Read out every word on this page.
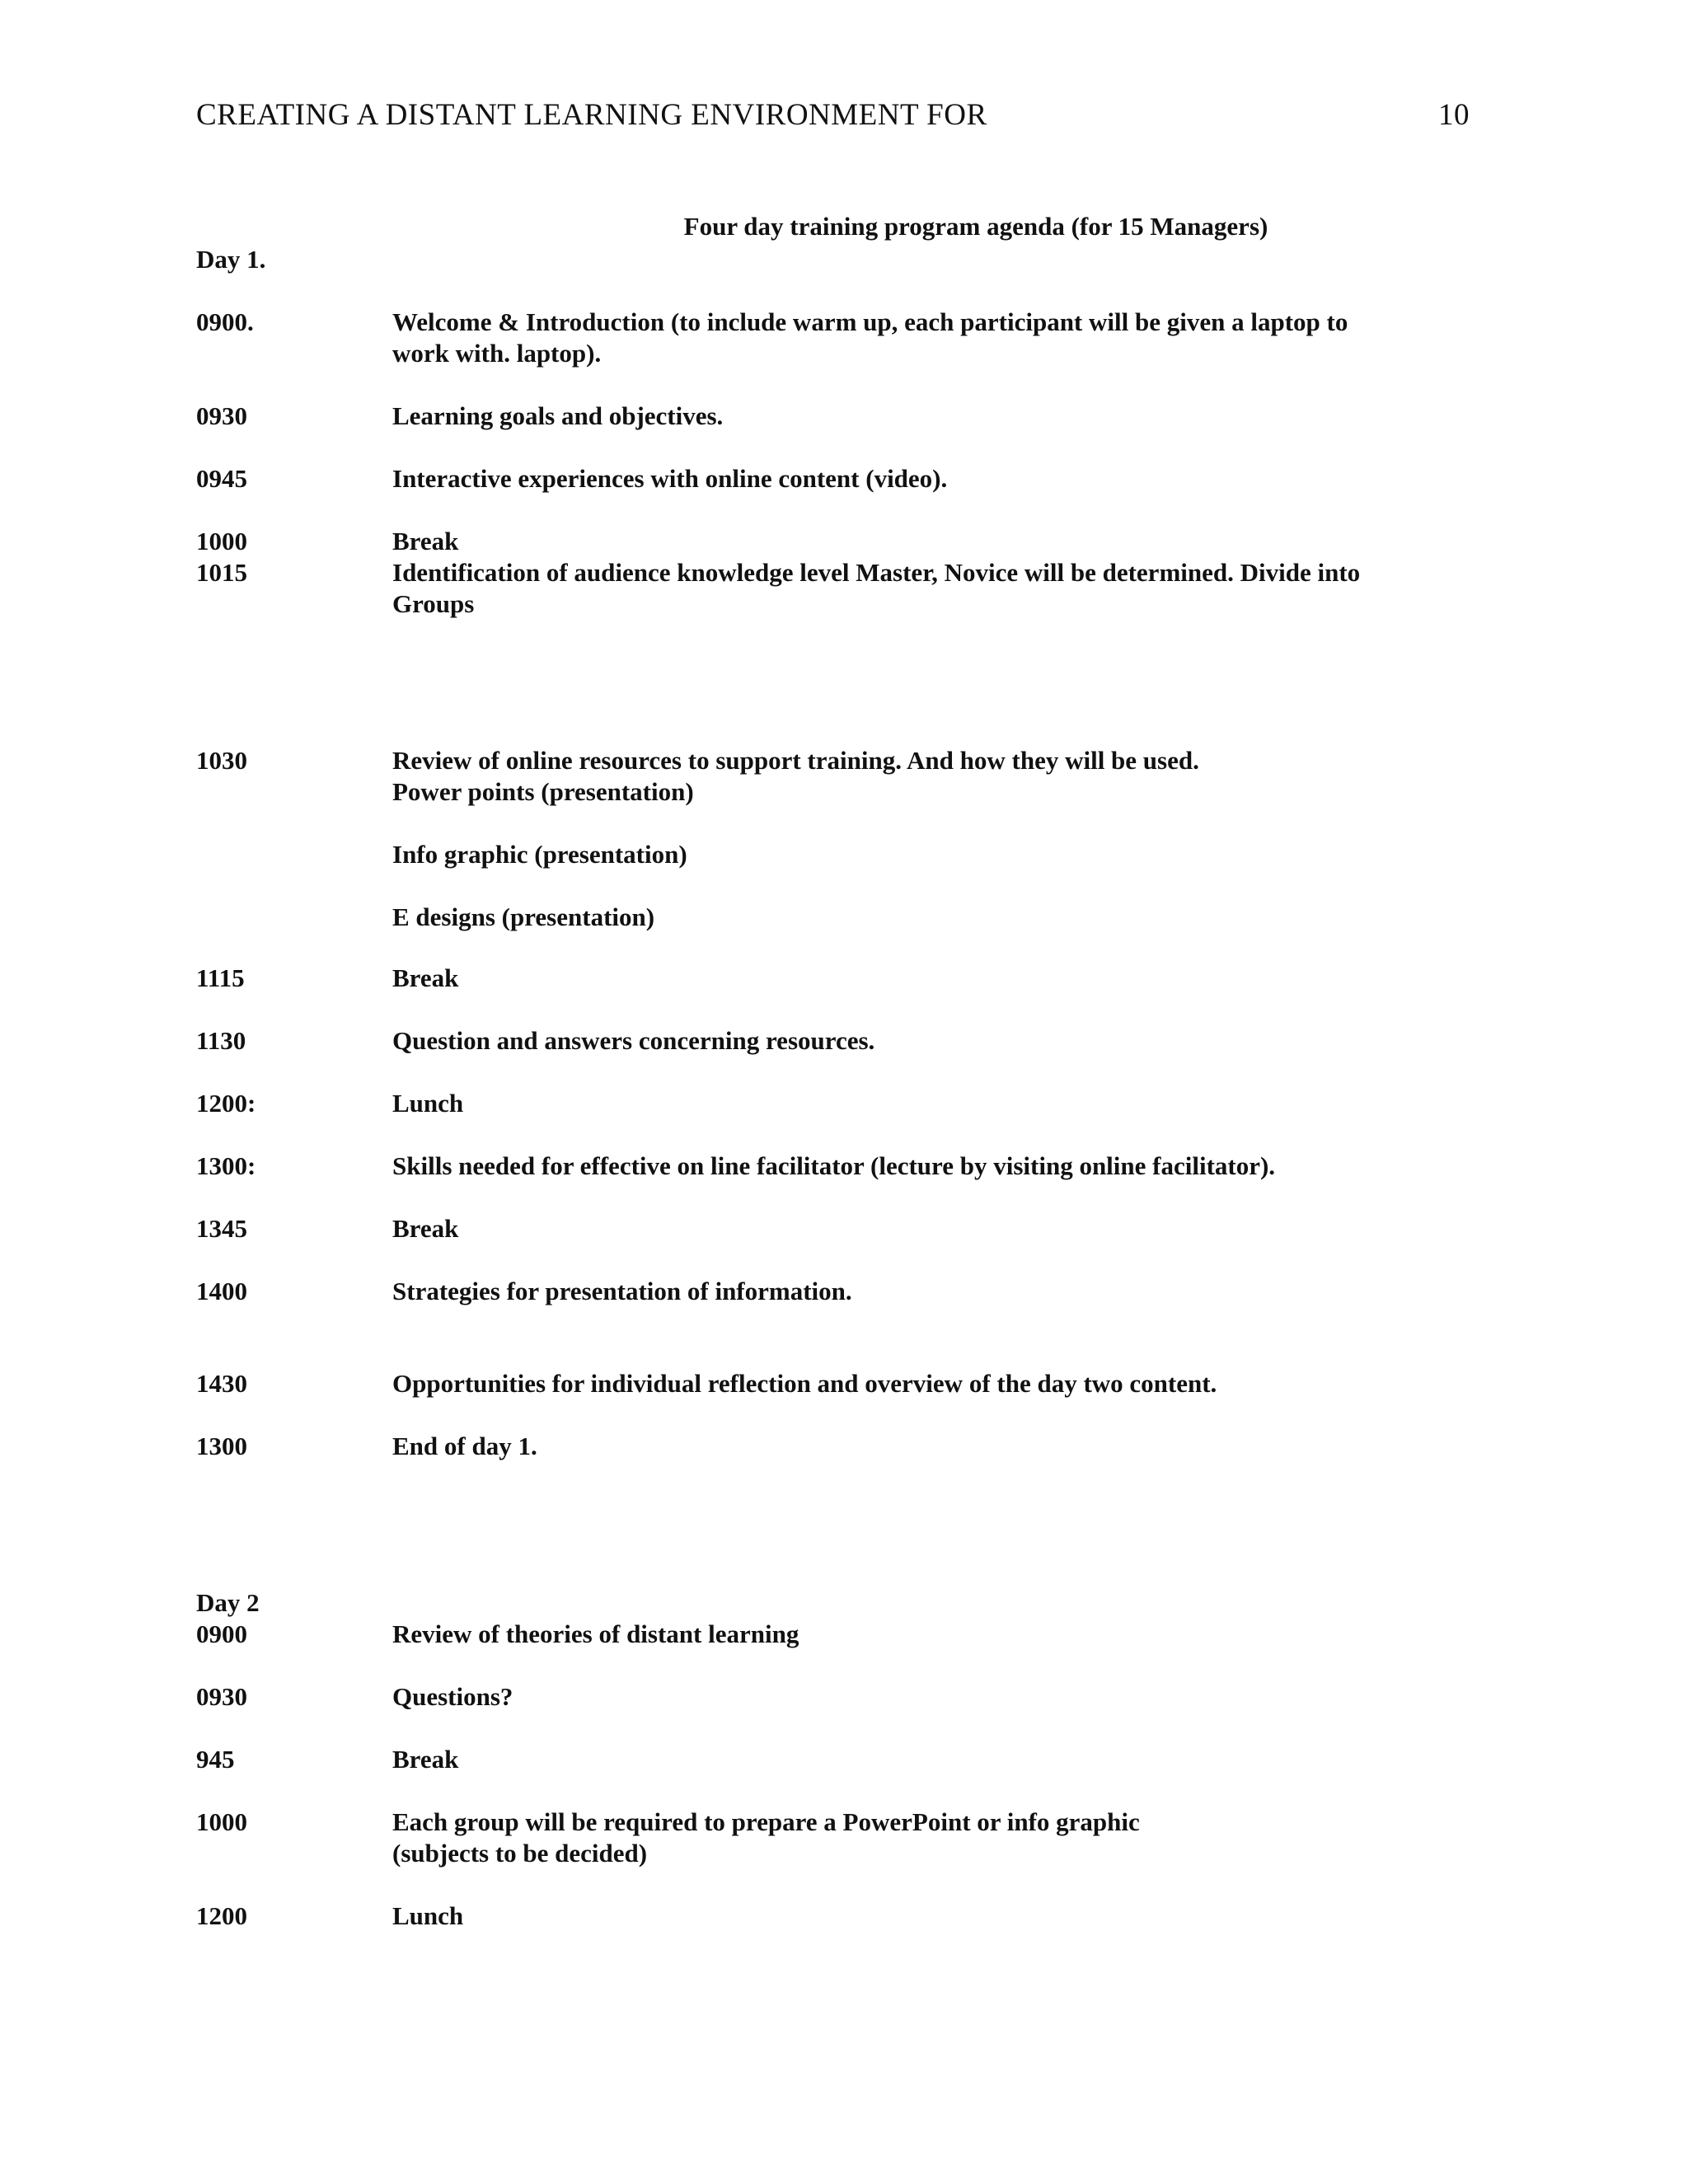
CREATING A DISTANT LEARNING ENVIRONMENT FOR	10
Four day training program agenda (for 15 Managers)
Day 1.
0900.	Welcome & Introduction (to include warm up, each participant will be given a laptop to
work with. laptop).
0930	Learning goals and objectives.
0945	Interactive experiences with online content (video).
1000	Break
1015	Identification of audience knowledge level Master, Novice will be determined. Divide into
Groups
1030	Review of online resources to support training. And how they will be used.
Power points (presentation)
Info graphic (presentation)
E designs (presentation)
1115	Break
1130	Question and answers concerning resources.
1200:	Lunch
1300:	Skills needed for effective on line facilitator (lecture by visiting online facilitator).
1345	Break
1400	Strategies for presentation of information.
1430	Opportunities for individual reflection and overview of the day two content.
1300	End of day 1.
Day 2
0900	Review of theories of distant learning
0930	Questions?
945	Break
1000	Each group will be required to prepare a PowerPoint or info graphic
(subjects to be decided)
1200	Lunch
